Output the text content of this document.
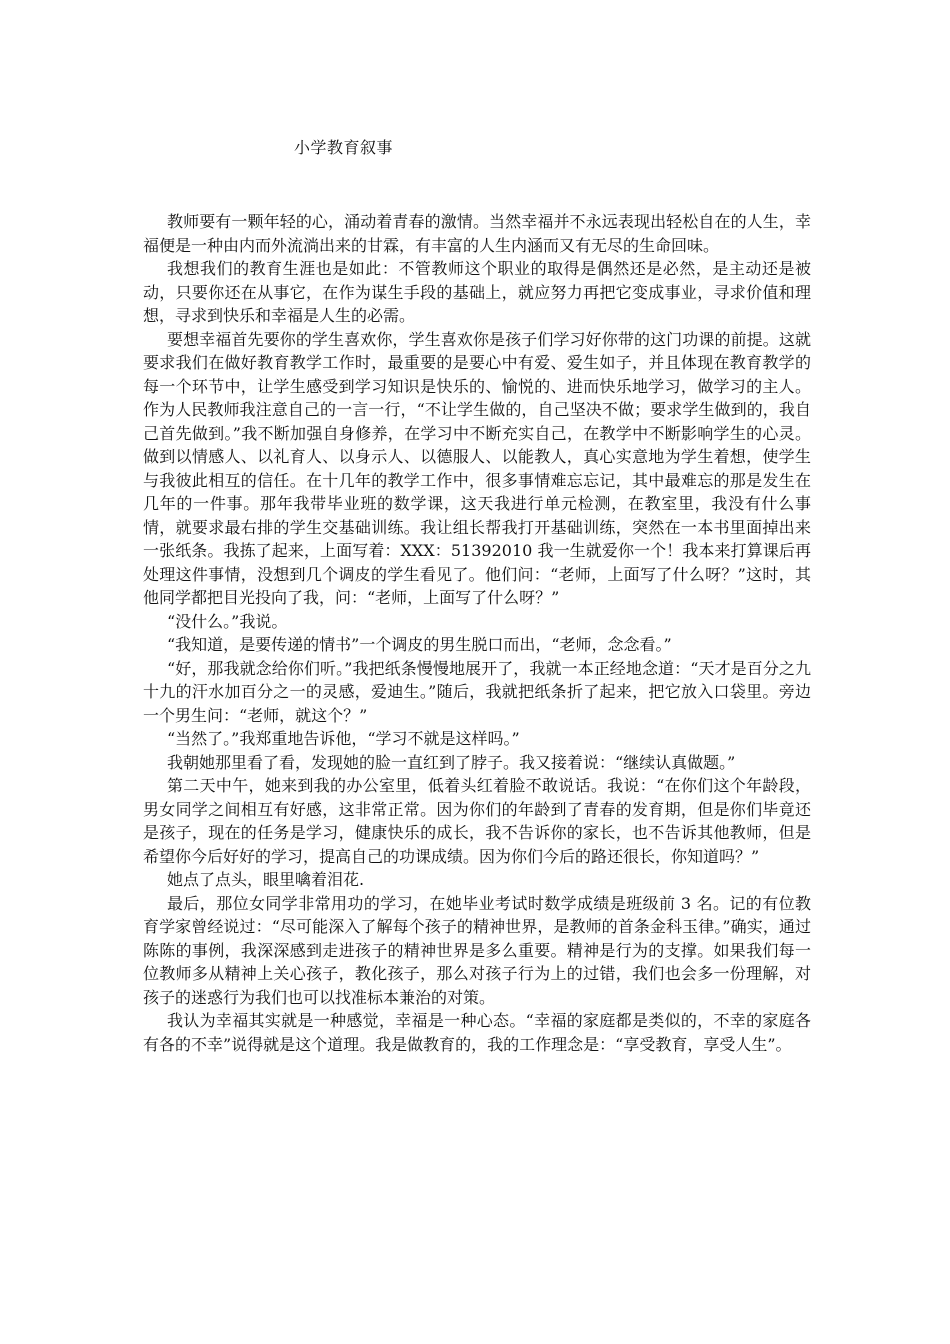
小学教育叙事

教师要有一颗年轻的心，涌动着青春的激情。当然幸福并不永远表现出轻松自在的人生，幸福便是一种由内而外流淌出来的甘霖，有丰富的人生内涵而又有无尽的生命回味。

我想我们的教育生涯也是如此：不管教师这个职业的取得是偶然还是必然，是主动还是被动，只要你还在从事它，在作为谋生手段的基础上，就应努力再把它变成事业，寻求价值和理想，寻求到快乐和幸福是人生的必需。

要想幸福首先要你的学生喜欢你，学生喜欢你是孩子们学习好你带的这门功课的前提。这就要求我们在做好教育教学工作时，最重要的是要心中有爱、爱生如子，并且体现在教育教学的每一个环节中，让学生感受到学习知识是快乐的、愉悦的、进而快乐地学习，做学习的主人。作为人民教师我注意自己的一言一行，“不让学生做的，自己坚决不做；要求学生做到的，我自己首先做到。”我不断加强自身修养，在学习中不断充实自己，在教学中不断影响学生的心灵。做到以情感人、以礼育人、以身示人、以德服人、以能教人，真心实意地为学生着想，使学生与我彼此相互的信任。在十几年的教学工作中，很多事情难忘忘记，其中最难忘的那是发生在几年的一件事。那年我带毕业班的数学课，这天我进行单元检测，在教室里，我没有什么事情，就要求最右排的学生交基础训练。我让组长帮我打开基础训练，突然在一本书里面掉出来一张纸条。我拣了起来，上面写着：XXX：51392010 我一生就爱你一个！我本来打算课后再处理这件事情，没想到几个调皮的学生看见了。他们问：“老师，上面写了什么呀？”这时，其他同学都把目光投向了我，问：“老师，上面写了什么呀？”

“没什么。”我说。

“我知道，是要传递的情书”一个调皮的男生脱口而出，“老师，念念看。”

“好，那我就念给你们听。”我把纸条慢慢地展开了，我就一本正经地念道：“天才是百分之九十九的汗水加百分之一的灵感，爱迪生。”随后，我就把纸条折了起来，把它放入口袋里。旁边一个男生问：“老师，就这个？”

“当然了。”我郑重地告诉他，“学习不就是这样吗。”

我朝她那里看了看，发现她的脸一直红到了脖子。我又接着说：“继续认真做题。”

第二天中午，她来到我的办公室里，低着头红着脸不敢说话。我说：“在你们这个年龄段，男女同学之间相互有好感，这非常正常。因为你们的年龄到了青春的发育期，但是你们毕竟还是孩子，现在的任务是学习，健康快乐的成长，我不告诉你的家长，也不告诉其他教师，但是希望你今后好好的学习，提高自己的功课成绩。因为你们今后的路还很长，你知道吗？”

她点了点头，眼里噙着泪花.

最后，那位女同学非常用功的学习，在她毕业考试时数学成绩是班级前 3 名。记的有位教育学家曾经说过：“尽可能深入了解每个孩子的精神世界，是教师的首条金科玉律。”确实，通过陈陈的事例，我深深感到走进孩子的精神世界是多么重要。精神是行为的支撑。如果我们每一位教师多从精神上关心孩子，教化孩子，那么对孩子行为上的过错，我们也会多一份理解，对孩子的迷惑行为我们也可以找准标本兼治的对策。

我认为幸福其实就是一种感觉，幸福是一种心态。“幸福的家庭都是类似的，不幸的家庭各有各的不幸”说得就是这个道理。我是做教育的，我的工作理念是：“享受教育，享受人生”。
